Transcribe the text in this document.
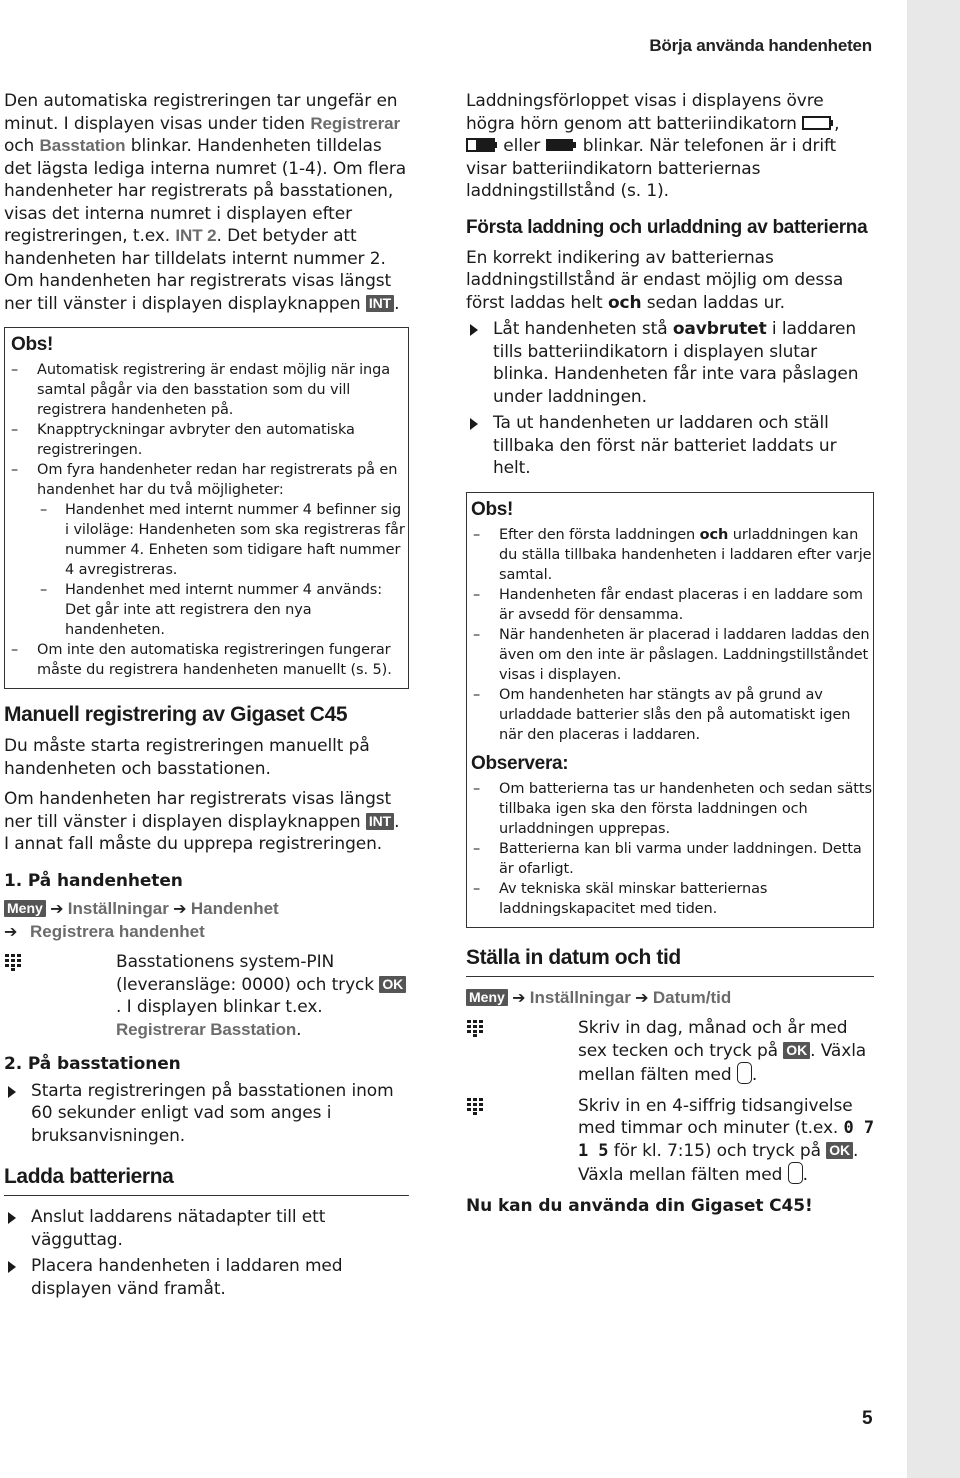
Börja använda handenheten

Den automatiska registreringen tar ungefär en minut. I displayen visas under tiden Registrerar och Basstation blinkar. Handenheten tilldelas det lägsta lediga interna numret (1-4). Om flera handenheter har registrerats på basstationen, visas det interna numret i displayen efter registreringen, t.ex. INT 2. Det betyder att handenheten har tilldelats internt nummer 2. Om handenheten har registrerats visas längst ner till vänster i displayen displayknappen INT .

Obs!
– Automatisk registrering är endast möjlig när inga samtal pågår via den basstation som du vill registrera handenheten på.
– Knapptryckningar avbryter den automatiska registreringen.
– Om fyra handenheter redan har registrerats på en handenhet har du två möjligheter:
– Handenhet med internt nummer 4 befinner sig i viloläge: Handenheten som ska registreras får nummer 4. Enheten som tidigare haft nummer 4 avregistreras.
– Handenhet med internt nummer 4 används: Det går inte att registrera den nya handenheten.
– Om inte den automatiska registreringen fungerar måste du registrera handenheten manuellt (s. 5).
Manuell registrering av Gigaset C45

Du måste starta registreringen manuellt på handenheten och basstationen.

Om handenheten har registrerats visas längst ner till vänster i displayen displayknappen INT . I annat fall måste du upprepa registreringen.

1. På handenheten

Meny ➔ Inställningar ➔ Handenhet
➔ Registrera handenhet

Basstationens system-PIN (leveransläge: 0000) och tryck OK. I displayen blinkar t.ex. Registrerar Basstation.

2. På basstationen

Starta registreringen på basstationen inom 60 sekunder enligt vad som anges i bruksanvisningen.

Ladda batterierna

Anslut laddarens nätadapter till ett vägguttag.

Placera handenheten i laddaren med displayen vänd framåt.

Laddningsförloppet visas i displayens övre högra hörn genom att batteriindikatorn ,
eller  blinkar. När telefonen är i drift visar batteriindikatorn batteriernas laddningstillstånd (s. 1).

Första laddning och urladdning av batterierna

En korrekt indikering av batteriernas laddningstillstånd är endast möjlig om dessa först laddas helt och sedan laddas ur.

Låt handenheten stå oavbrutet i laddaren tills batteriindikatorn i displayen slutar blinka. Handenheten får inte vara påslagen under laddningen.

Ta ut handenheten ur laddaren och ställ tillbaka den först när batteriet laddats ur helt.

Obs!
– Efter den första laddningen och urladdningen kan du ställa tillbaka handenheten i laddaren efter varje samtal.
– Handenheten får endast placeras i en laddare som är avsedd för densamma.
– När handenheten är placerad i laddaren laddas den även om den inte är påslagen. Laddningstillståndet visas i displayen.
– Om handenheten har stängts av på grund av urladdade batterier slås den på automatiskt igen när den placeras i laddaren.
Observera:
– Om batterierna tas ur handenheten och sedan sätts tillbaka igen ska den första laddningen och urladdningen upprepas.
– Batterierna kan bli varma under laddningen. Detta är ofarligt.
– Av tekniska skäl minskar batteriernas laddningskapacitet med tiden.
Ställa in datum och tid
Meny ➔ Inställningar ➔ Datum/tid

Skriv in dag, månad och år med sex tecken och tryck på OK . Växla mellan fälten med .

Skriv in en 4-siffrig tidsangivelse med timmar och minuter (t.ex. 0 7 1 5 för kl. 7:15) och tryck på OK . Växla mellan fälten med .

Nu kan du använda din Gigaset C45!

5
